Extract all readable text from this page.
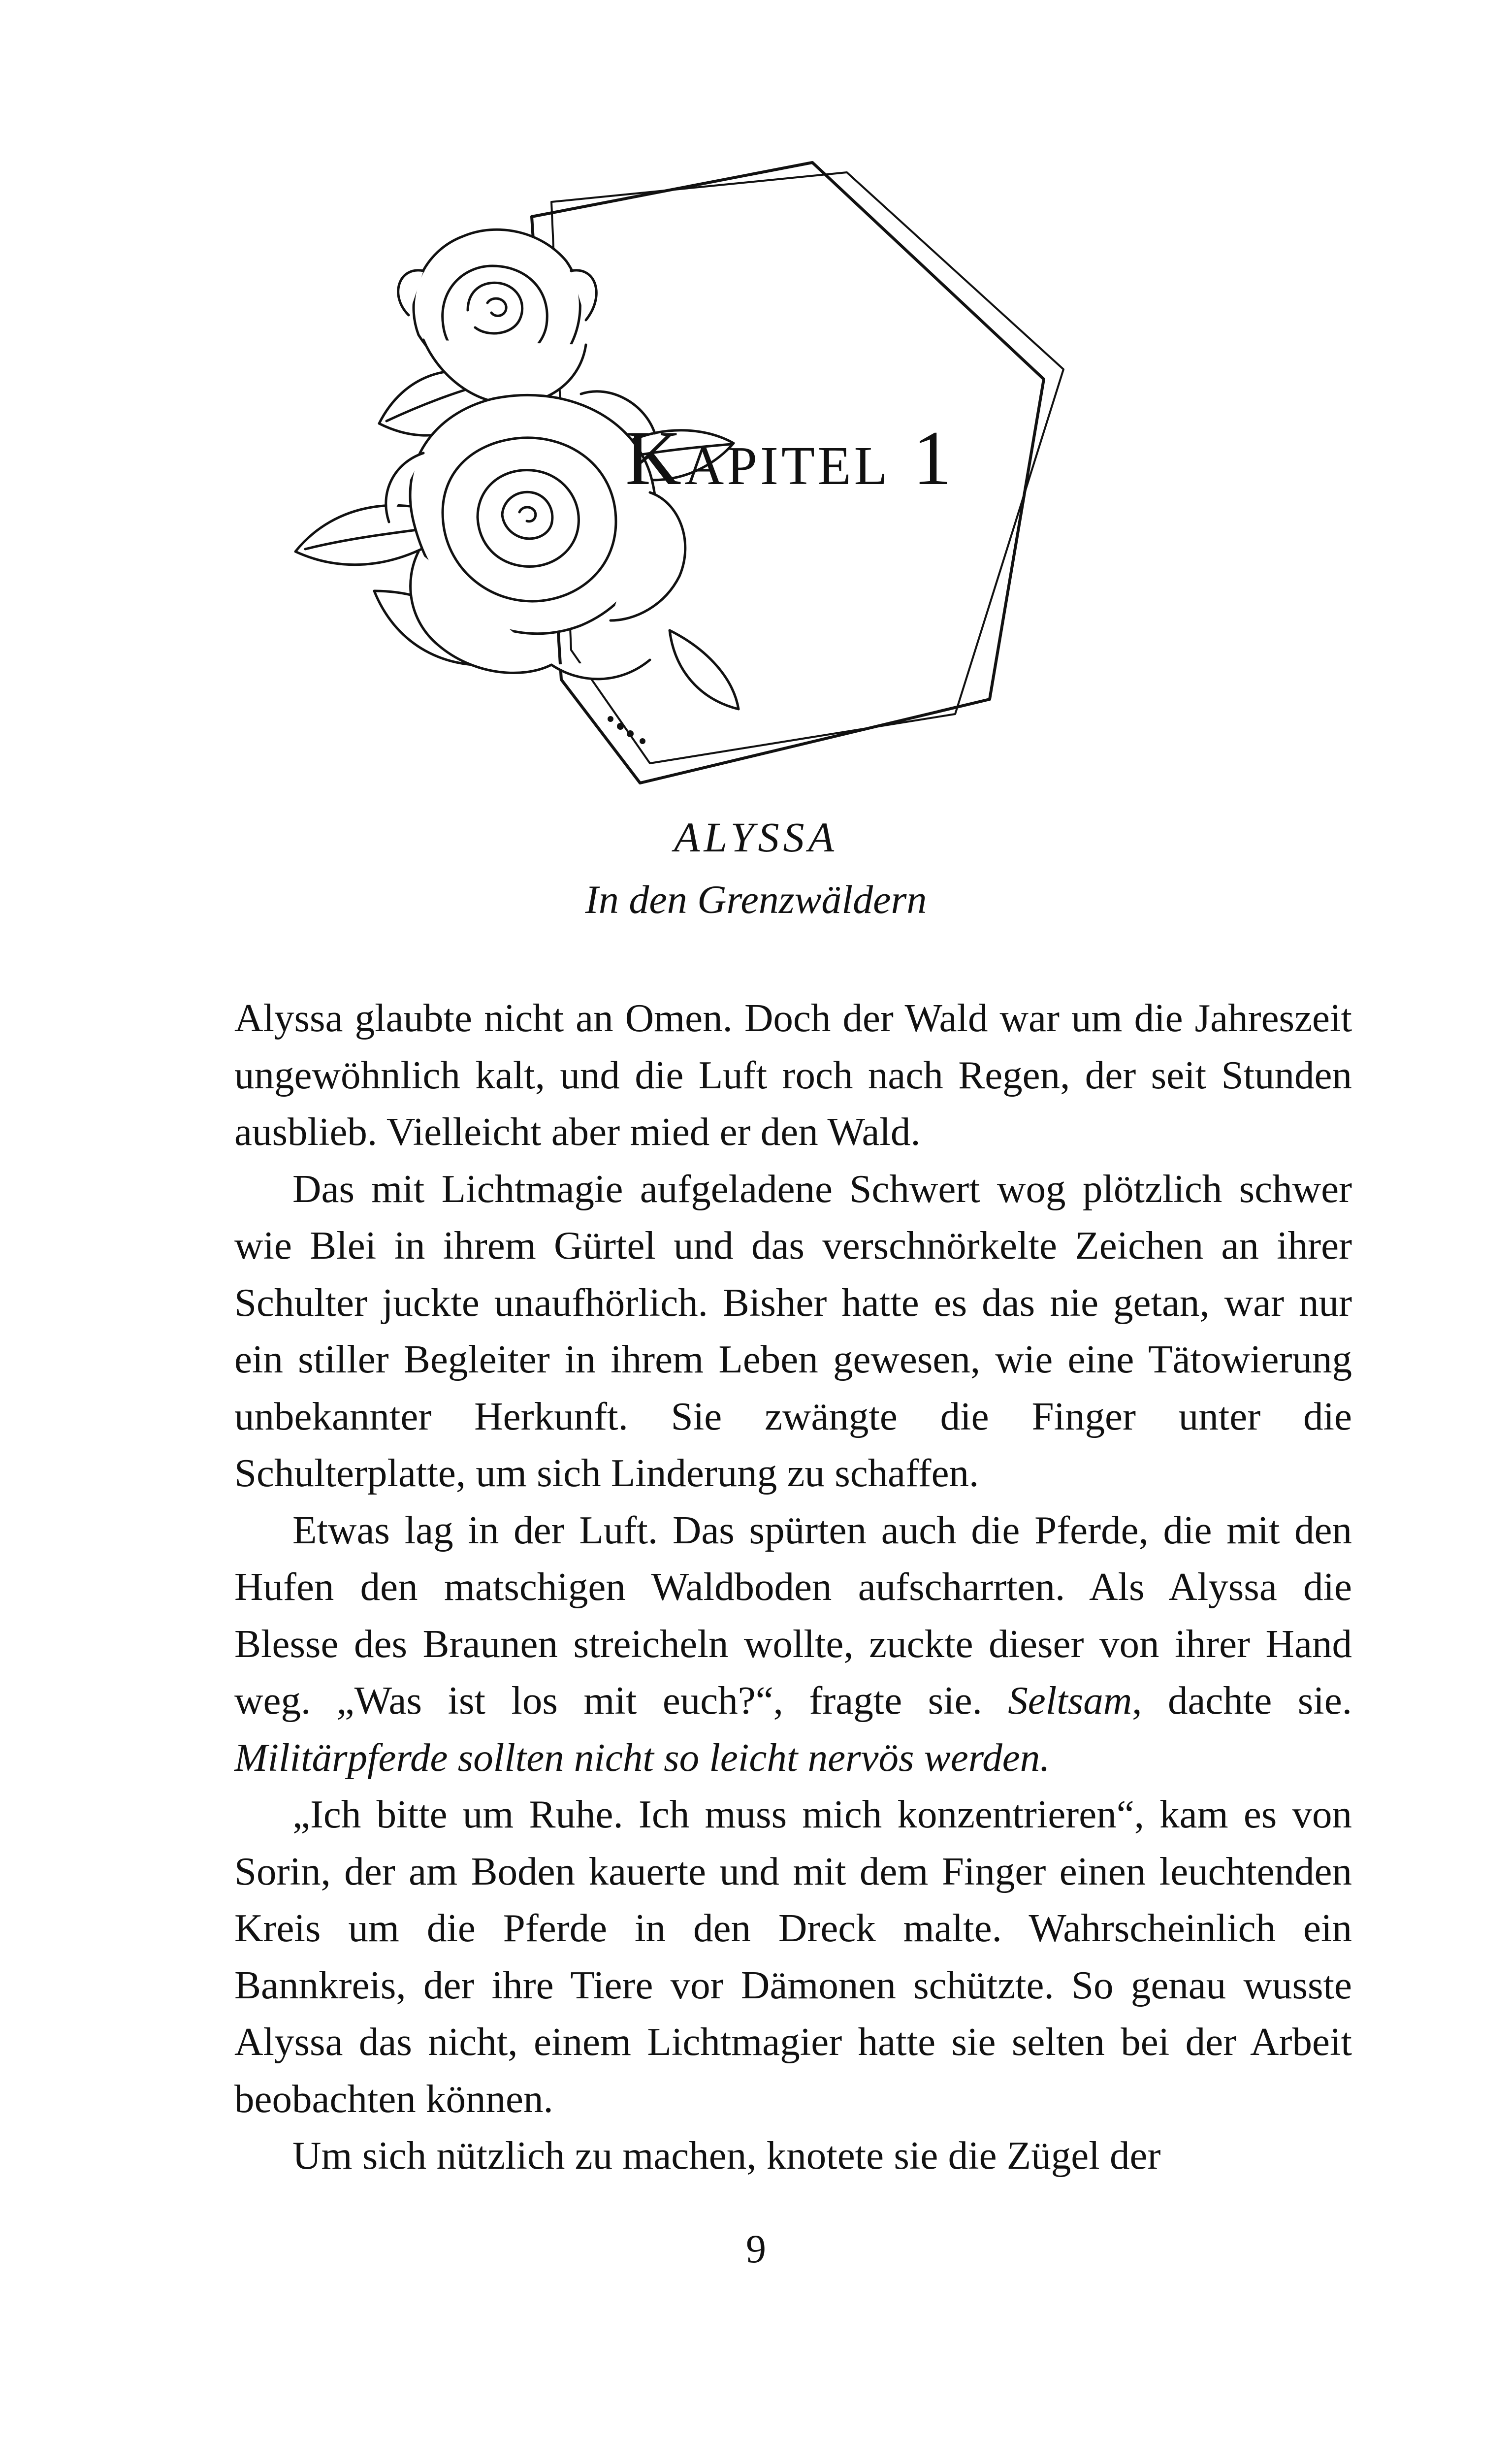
Kapitel 1
ALYSSA
In den Grenzwäldern

Alyssa glaubte nicht an Omen. Doch der Wald war um die Jahreszeit ungewöhnlich kalt, und die Luft roch nach Regen, der seit Stunden ausblieb. Vielleicht aber mied er den Wald.

Das mit Lichtmagie aufgeladene Schwert wog plötzlich schwer wie Blei in ihrem Gürtel und das verschnörkelte Zeichen an ihrer Schulter juckte unaufhörlich. Bisher hatte es das nie getan, war nur ein stiller Begleiter in ihrem Leben gewesen, wie eine Tätowierung unbekannter Herkunft. Sie zwängte die Finger unter die Schulterplatte, um sich Linderung zu schaffen.

Etwas lag in der Luft. Das spürten auch die Pferde, die mit den Hufen den matschigen Waldboden aufscharrten. Als Alyssa die Blesse des Braunen streicheln wollte, zuckte dieser von ihrer Hand weg. „Was ist los mit euch?“, fragte sie. Seltsam, dachte sie. Militärpferde sollten nicht so leicht nervös werden.

„Ich bitte um Ruhe. Ich muss mich konzentrieren“, kam es von Sorin, der am Boden kauerte und mit dem Finger einen leuchtenden Kreis um die Pferde in den Dreck malte. Wahrscheinlich ein Bannkreis, der ihre Tiere vor Dämonen schützte. So genau wusste Alyssa das nicht, einem Lichtmagier hatte sie selten bei der Arbeit beobachten können.

Um sich nützlich zu machen, knotete sie die Zügel der

9
